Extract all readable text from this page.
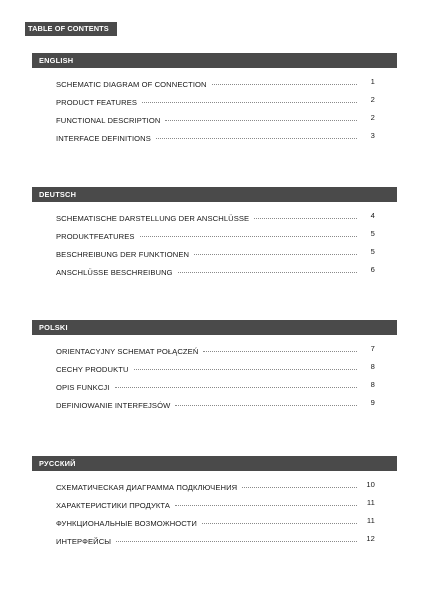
TABLE OF CONTENTS
ENGLISH
SCHEMATIC DIAGRAM OF CONNECTION	1
PRODUCT FEATURES	2
FUNCTIONAL DESCRIPTION	2
INTERFACE DEFINITIONS	3
DEUTSCH
SCHEMATISCHE DARSTELLUNG DER ANSCHLÜSSE	4
PRODUKTFEATURES	5
BESCHREIBUNG DER FUNKTIONEN	5
ANSCHLÜSSE BESCHREIBUNG	6
POLSKI
ORIENTACYJNY SCHEMAT POŁĄCZEŃ	7
CECHY PRODUKTU	8
OPIS FUNKCJI	8
DEFINIOWANIE INTERFEJSÓW	9
РУССКИЙ
СХЕМАТИЧЕСКАЯ ДИАГРАММА ПОДКЛЮЧЕНИЯ	10
ХАРАКТЕРИСТИКИ ПРОДУКТА	11
ФУНКЦИОНАЛЬНЫЕ ВОЗМОЖНОСТИ	11
ИНТЕРФЕЙСЫ	12
